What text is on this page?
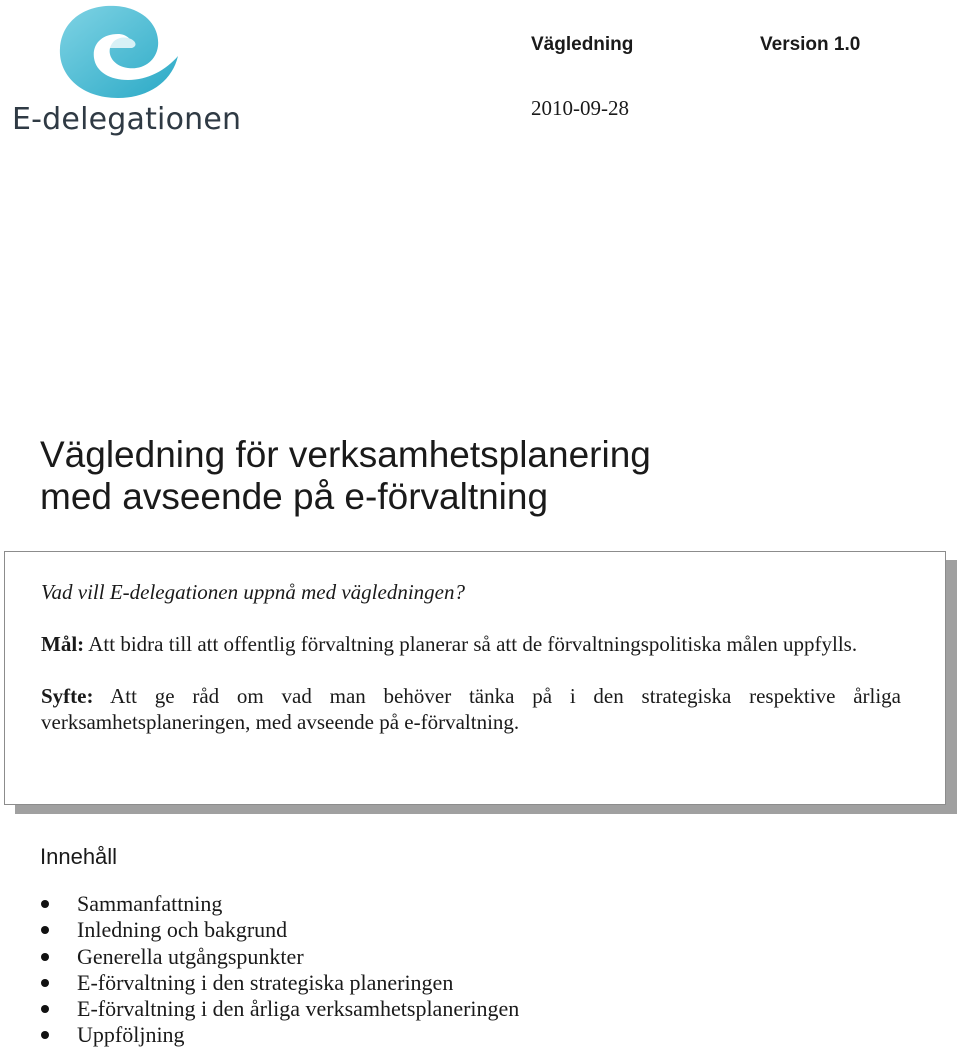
E-delegationen
Vägledning	Version 1.0
2010-09-28
Vägledning för verksamhetsplanering
med avseende på e-förvaltning
Vad vill E-delegationen uppnå med vägledningen?
Mål: Att bidra till att offentlig förvaltning planerar så att de förvaltningspolitiska målen uppfylls.
Syfte: Att ge råd om vad man behöver tänka på i den strategiska respektive årliga verksamhetsplaneringen, med avseende på e-förvaltning.
Innehåll
Sammanfattning
Inledning och bakgrund
Generella utgångspunkter
E-förvaltning i den strategiska planeringen
E-förvaltning i den årliga verksamhetsplaneringen
Uppföljning
